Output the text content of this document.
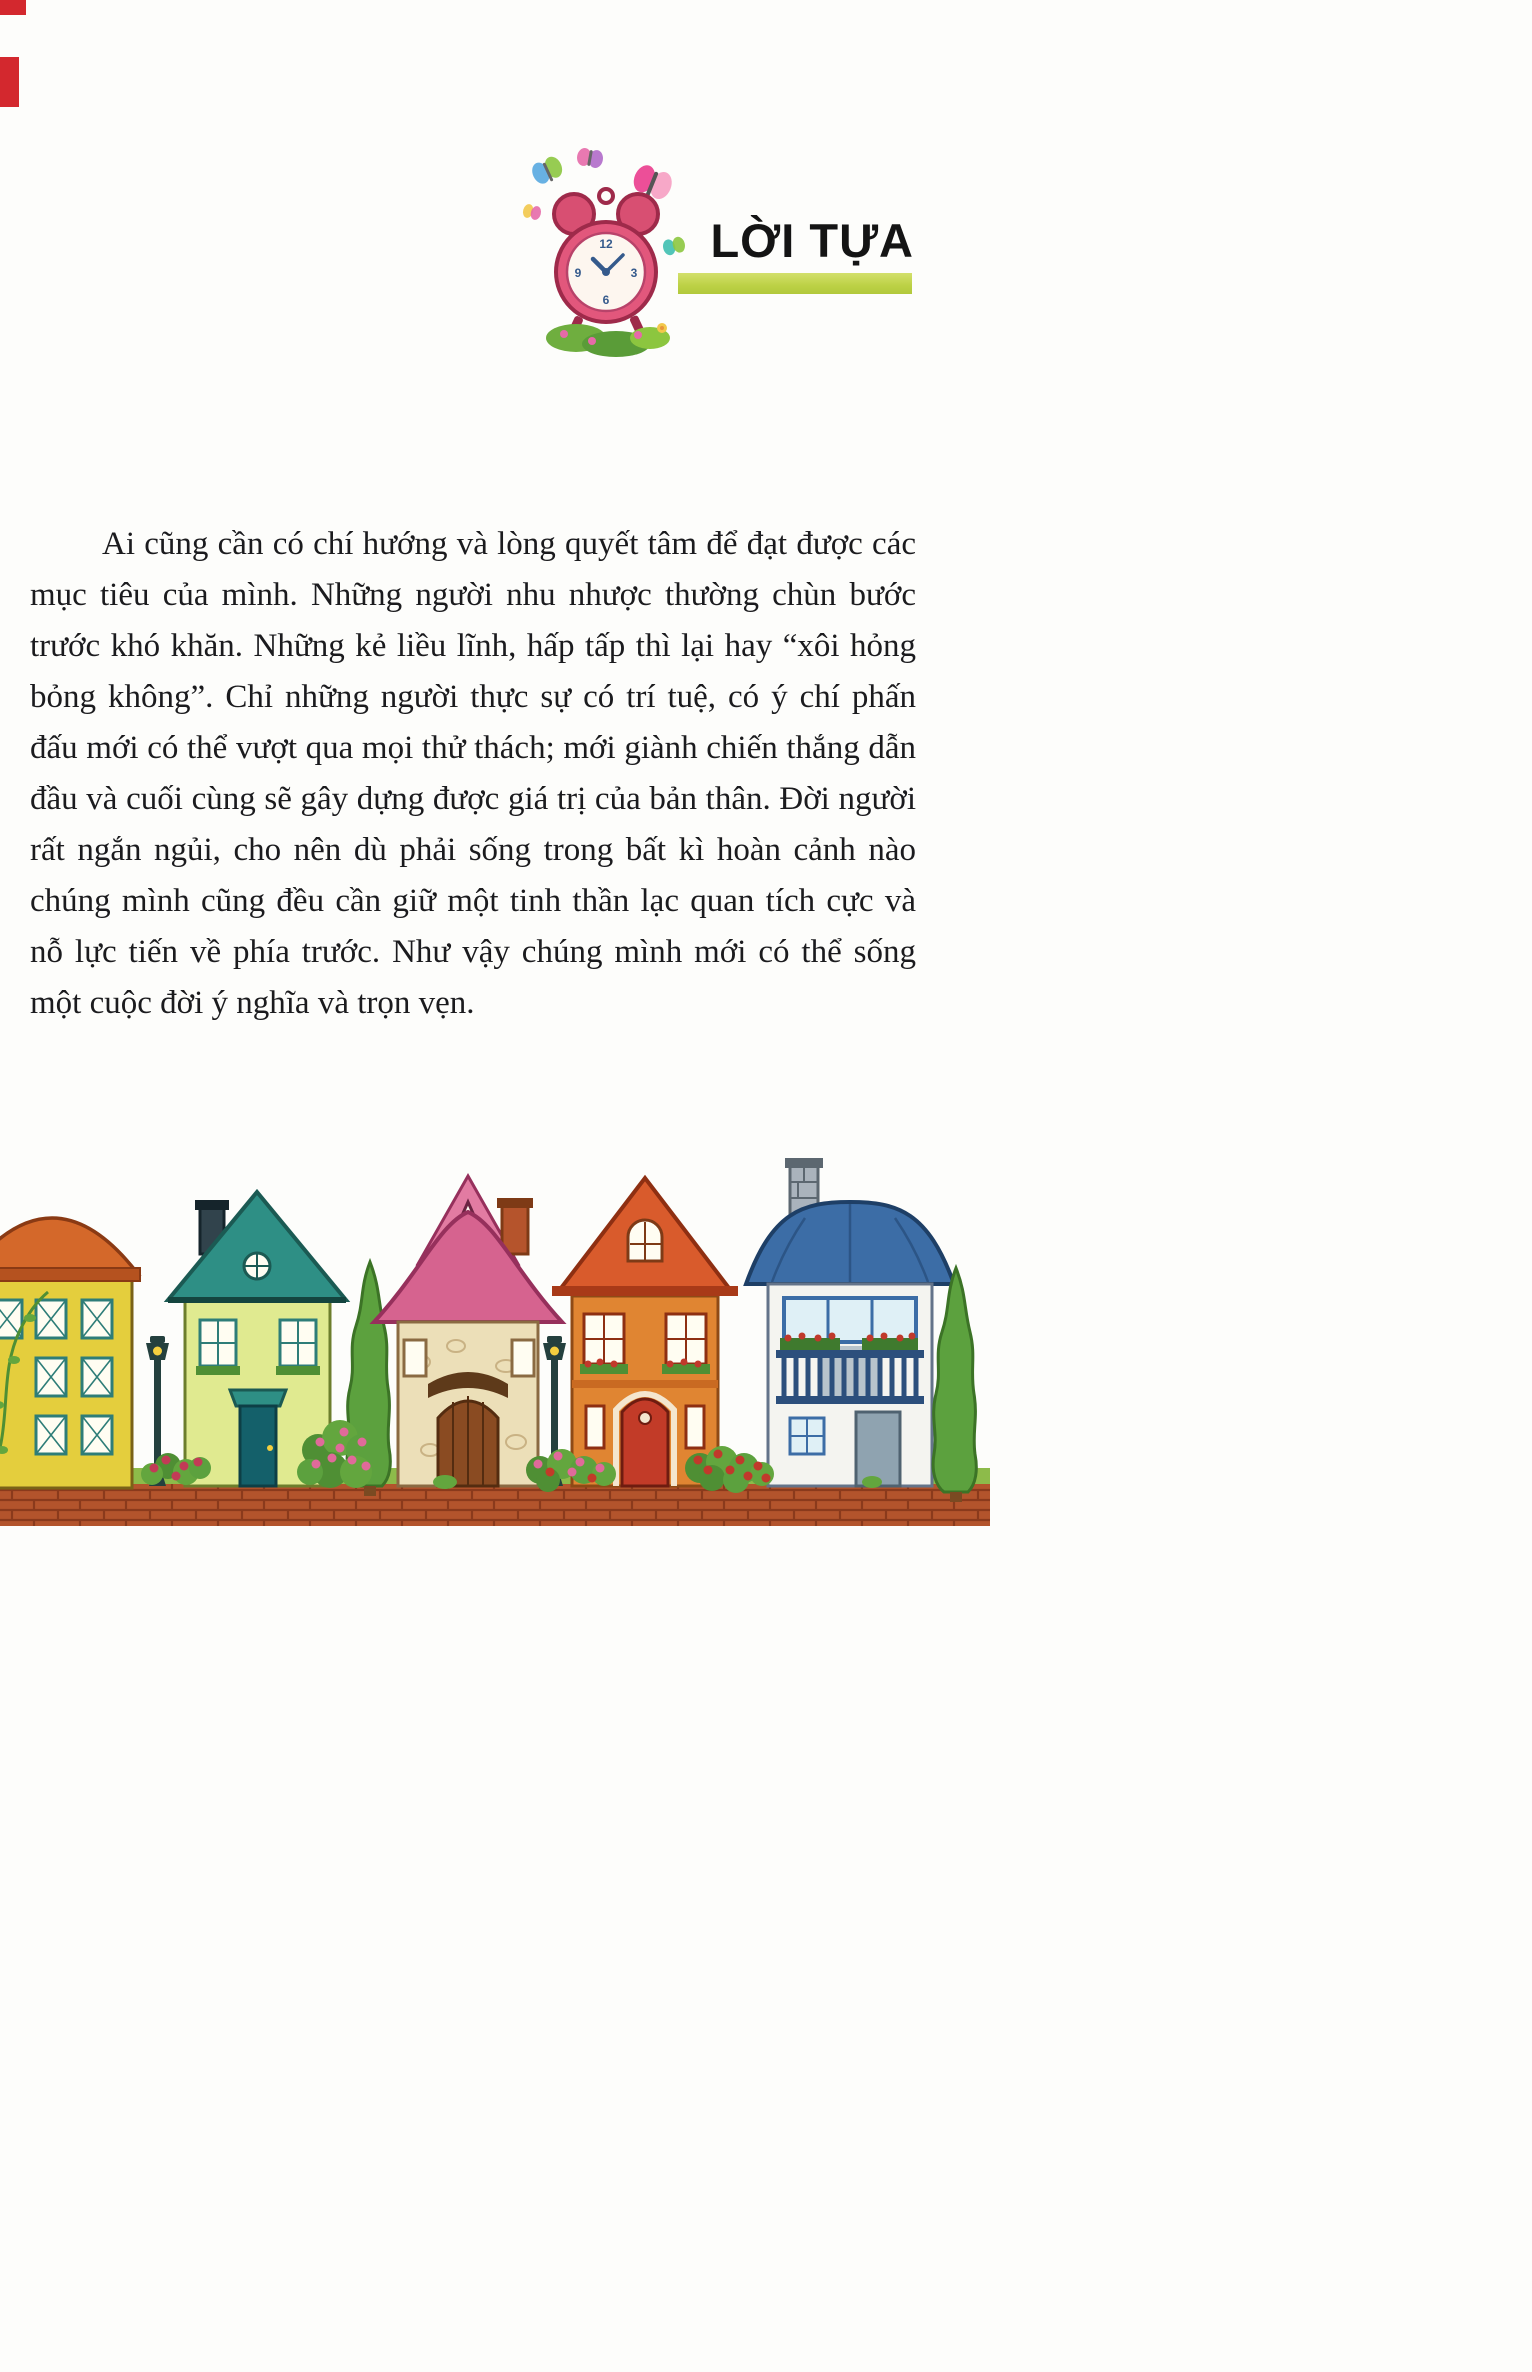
12
3
6
9
LỜI TỰA

Ai cũng cần có chí hướng và lòng quyết tâm để đạt được các mục tiêu của mình. Những người nhu nhược thường chùn bước trước khó khăn. Những kẻ liều lĩnh, hấp tấp thì lại hay “xôi hỏng bỏng không”. Chỉ những người thực sự có trí tuệ, có ý chí phấn đấu mới có thể vượt qua mọi thử thách; mới giành chiến thắng dẫn đầu và cuối cùng sẽ gây dựng được giá trị của bản thân. Đời người rất ngắn ngủi, cho nên dù phải sống trong bất kì hoàn cảnh nào chúng mình cũng đều cần giữ một tinh thần lạc quan tích cực và nỗ lực tiến về phía trước. Như vậy chúng mình mới có thể sống một cuộc đời ý nghĩa và trọn vẹn.
